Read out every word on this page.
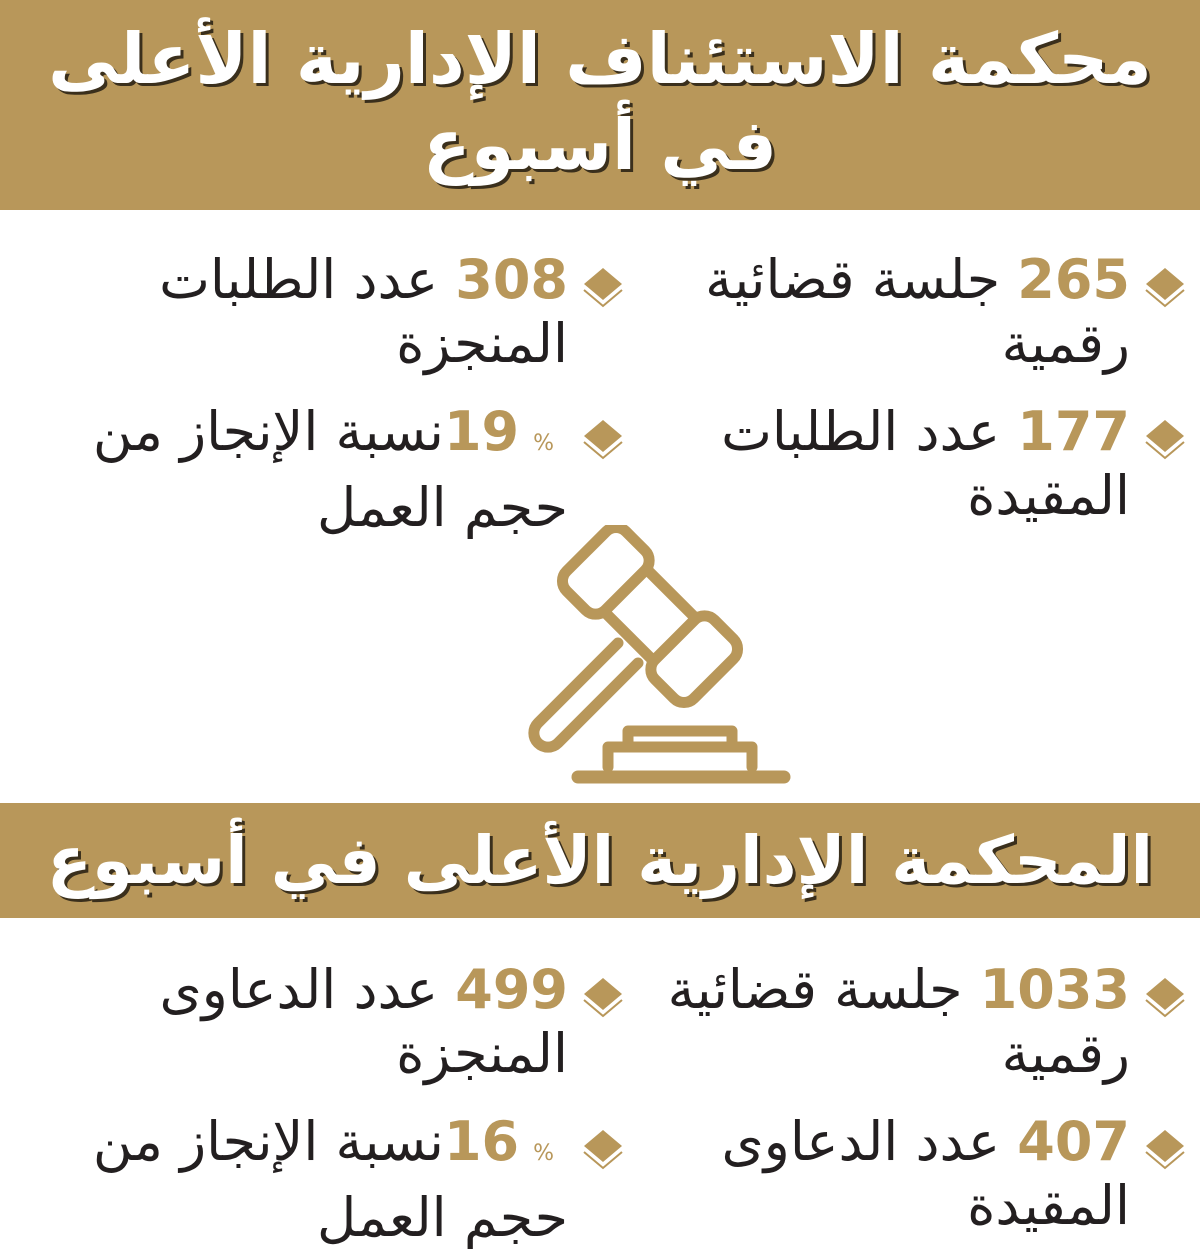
محكمة الاستئناف الإدارية الأعلى
في أسبوع
265 جلسة قضائية
رقمية
308 عدد الطلبات
المنجزة
177 عدد الطلبات
المقيدة
19 %نسبة الإنجاز من
حجم العمل
المحكمة الإدارية الأعلى في أسبوع
1033 جلسة قضائية
رقمية
499 عدد الدعاوى
المنجزة
407 عدد الدعاوى
المقيدة
16 %نسبة الإنجاز من
حجم العمل
